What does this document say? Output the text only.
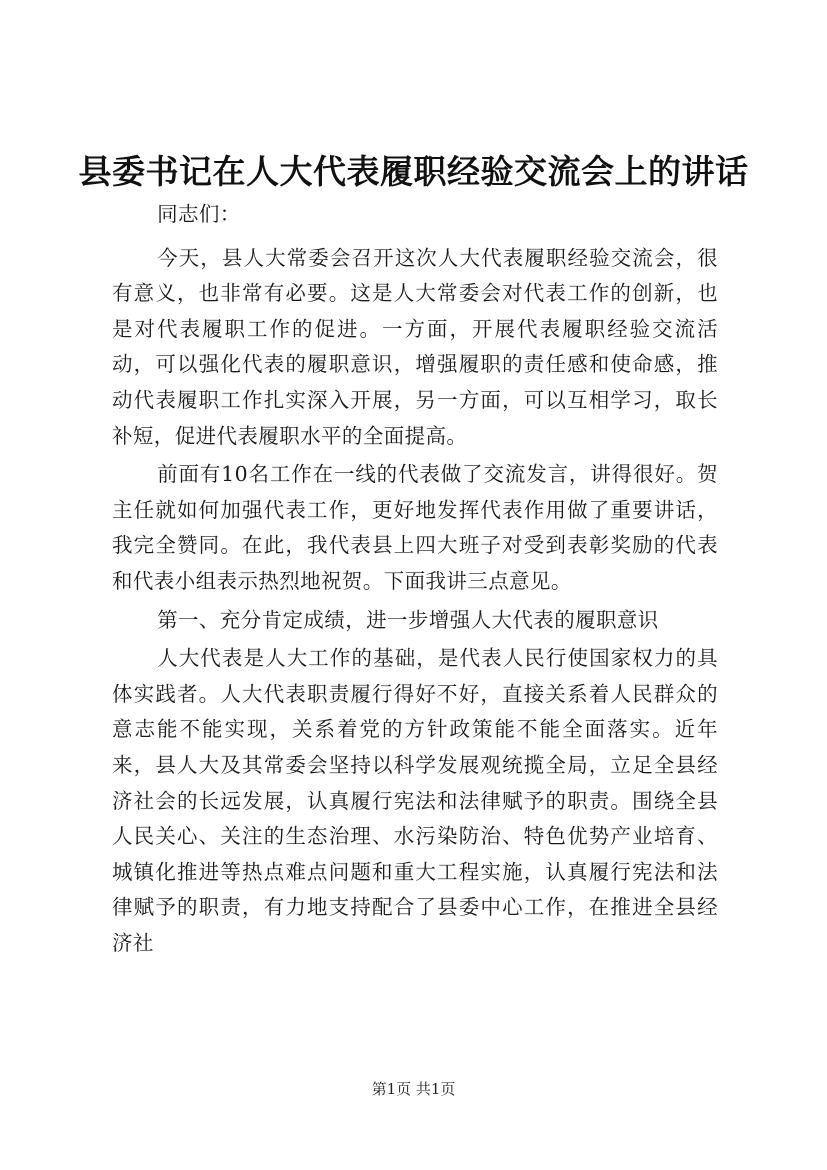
县委书记在人大代表履职经验交流会上的讲话

同志们：

今天，县人大常委会召开这次人大代表履职经验交流会，很有意义，也非常有必要。这是人大常委会对代表工作的创新，也是对代表履职工作的促进。一方面，开展代表履职经验交流活动，可以强化代表的履职意识，增强履职的责任感和使命感，推动代表履职工作扎实深入开展，另一方面，可以互相学习，取长补短，促进代表履职水平的全面提高。

前面有10名工作在一线的代表做了交流发言，讲得很好。贺主任就如何加强代表工作，更好地发挥代表作用做了重要讲话，我完全赞同。在此，我代表县上四大班子对受到表彰奖励的代表和代表小组表示热烈地祝贺。下面我讲三点意见。

第一、充分肯定成绩，进一步增强人大代表的履职意识

人大代表是人大工作的基础，是代表人民行使国家权力的具体实践者。人大代表职责履行得好不好，直接关系着人民群众的意志能不能实现，关系着党的方针政策能不能全面落实。近年来，县人大及其常委会坚持以科学发展观统揽全局，立足全县经济社会的长远发展，认真履行宪法和法律赋予的职责。围绕全县人民关心、关注的生态治理、水污染防治、特色优势产业培育、城镇化推进等热点难点问题和重大工程实施，认真履行宪法和法律赋予的职责，有力地支持配合了县委中心工作，在推进全县经济社

第1页 共1页
